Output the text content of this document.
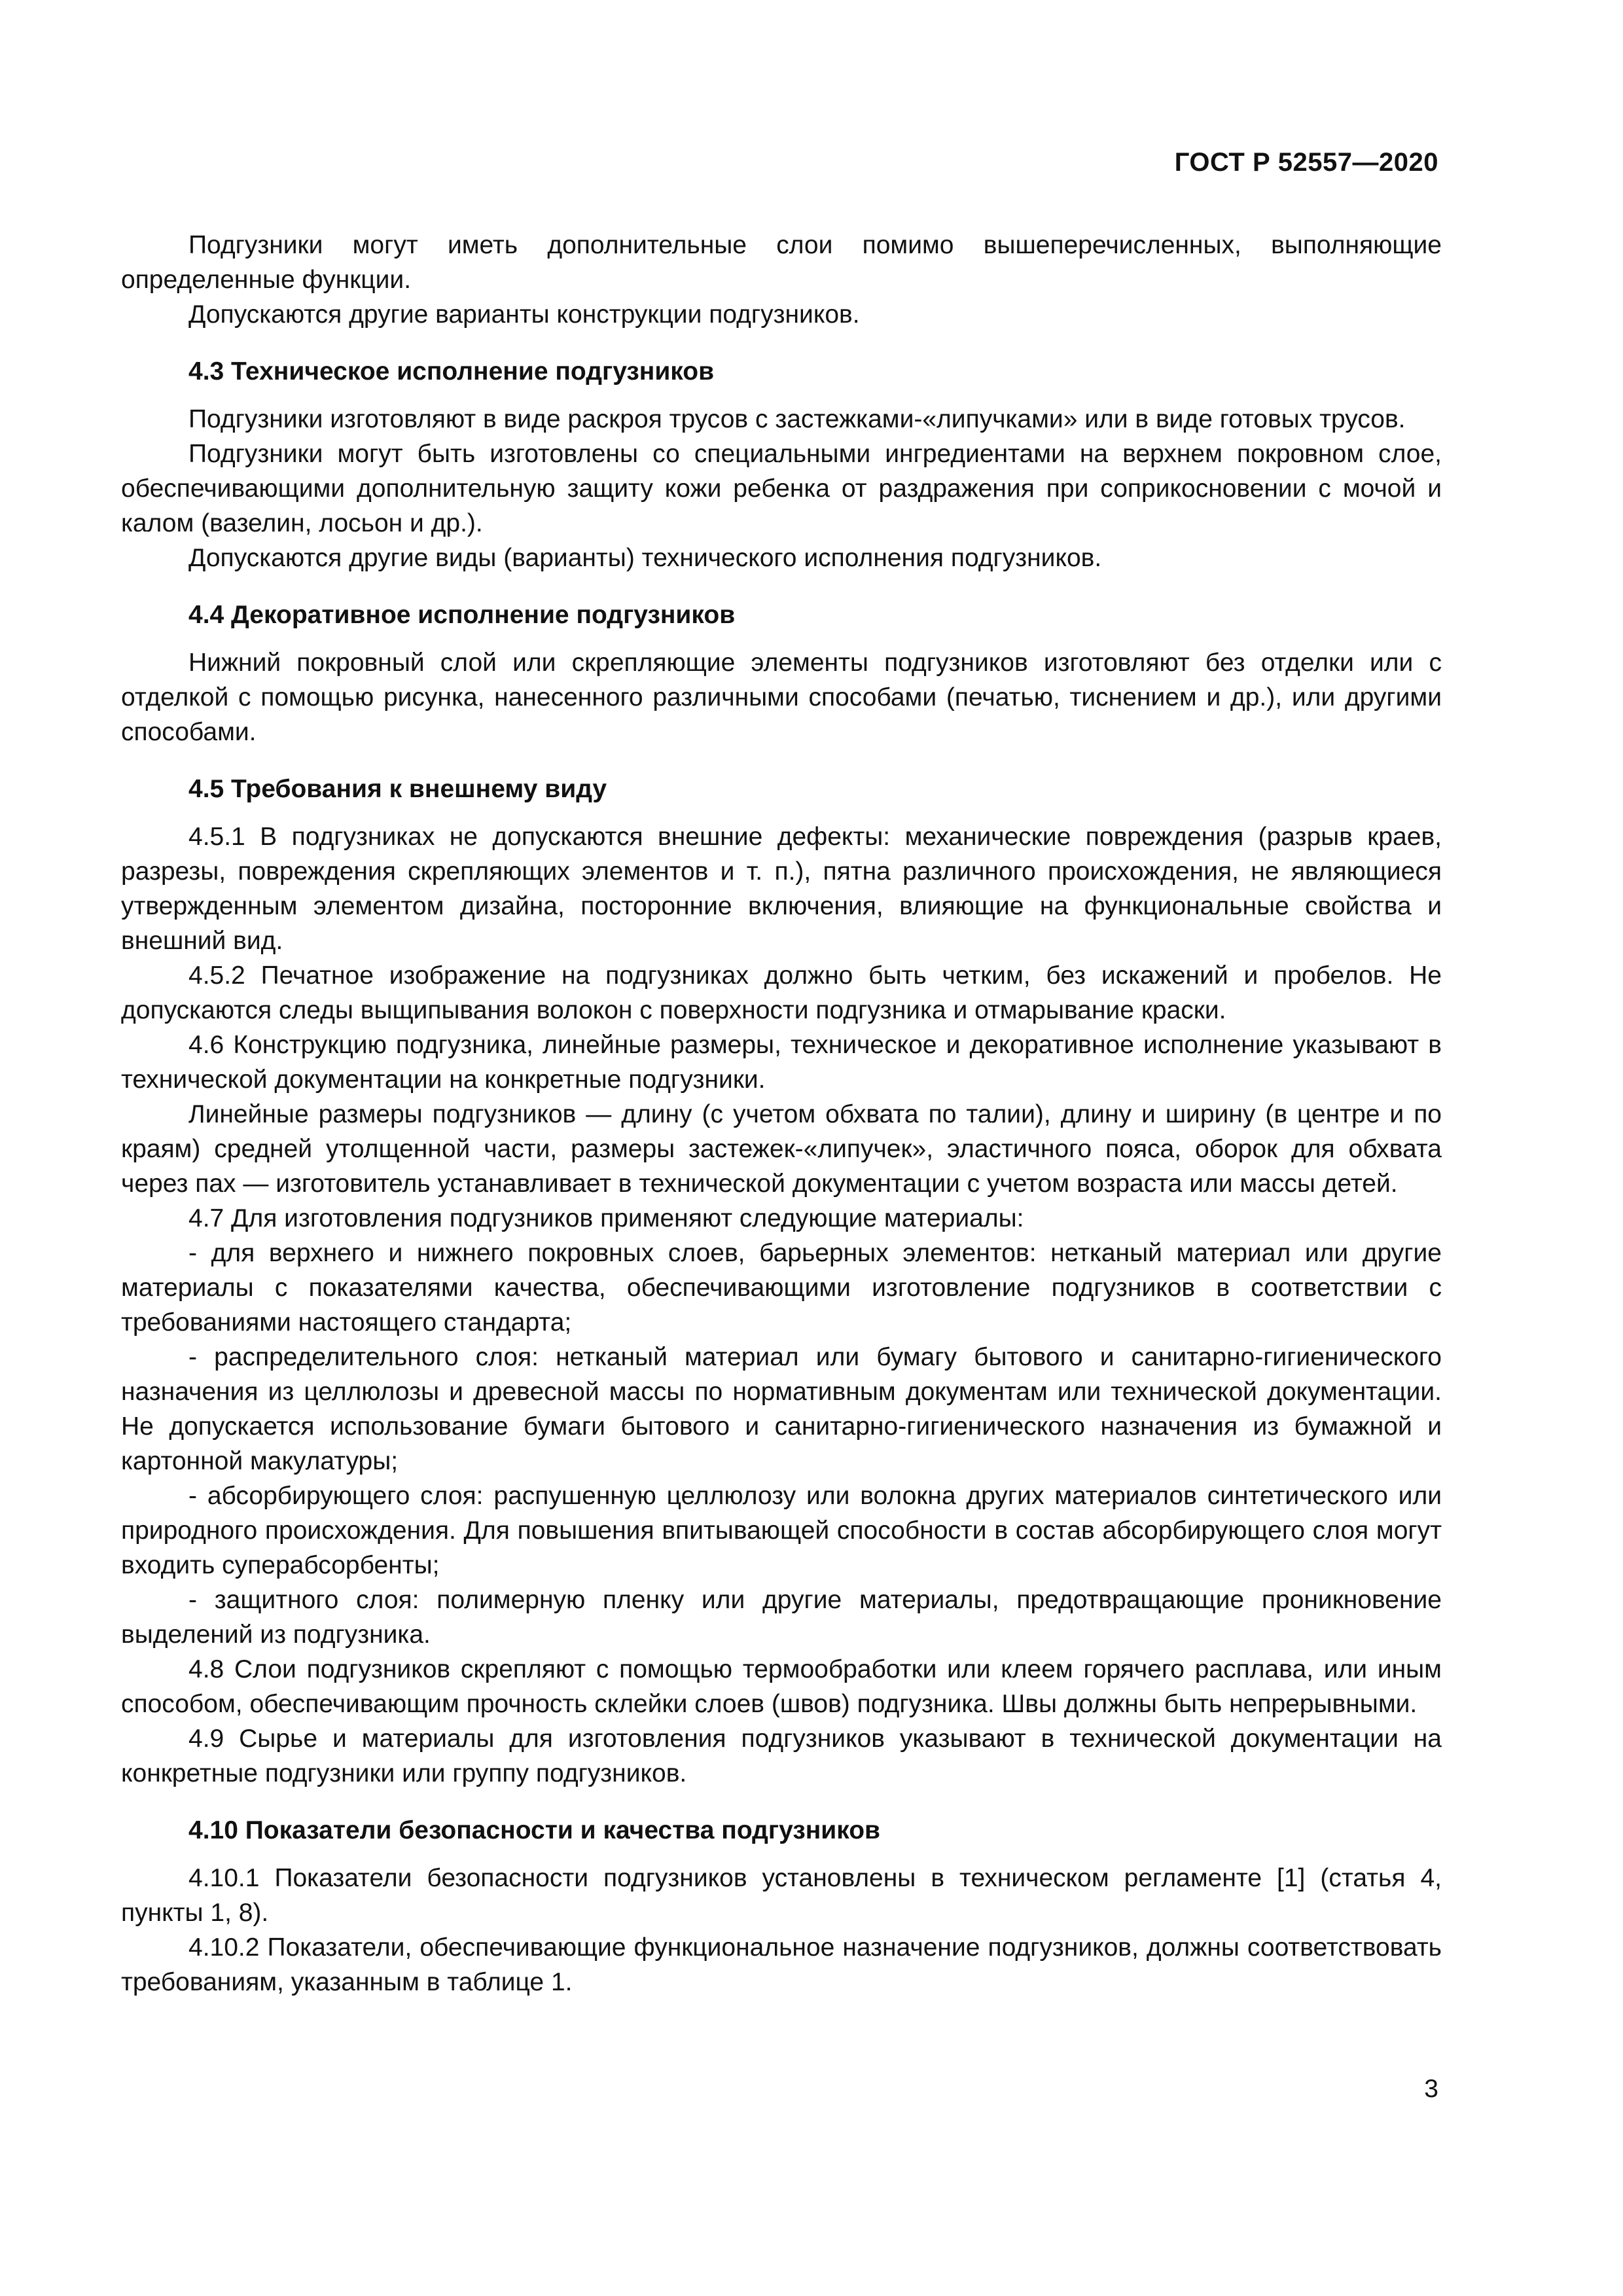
ГОСТ Р 52557—2020

Подгузники могут иметь дополнительные слои помимо вышеперечисленных, выполняющие определенные функции.

Допускаются другие варианты конструкции подгузников.

4.3 Техническое исполнение подгузников

Подгузники изготовляют в виде раскроя трусов с застежками-«липучками» или в виде готовых трусов.

Подгузники могут быть изготовлены со специальными ингредиентами на верхнем покровном слое, обеспечивающими дополнительную защиту кожи ребенка от раздражения при соприкосновении с мочой и калом (вазелин, лосьон и др.).

Допускаются другие виды (варианты) технического исполнения подгузников.

4.4 Декоративное исполнение подгузников

Нижний покровный слой или скрепляющие элементы подгузников изготовляют без отделки или с отделкой с помощью рисунка, нанесенного различными способами (печатью, тиснением и др.), или другими способами.

4.5 Требования к внешнему виду

4.5.1 В подгузниках не допускаются внешние дефекты: механические повреждения (разрыв краев, разрезы, повреждения скрепляющих элементов и т. п.), пятна различного происхождения, не являющиеся утвержденным элементом дизайна, посторонние включения, влияющие на функциональные свойства и внешний вид.

4.5.2 Печатное изображение на подгузниках должно быть четким, без искажений и пробелов. Не допускаются следы выщипывания волокон с поверхности подгузника и отмарывание краски.

4.6 Конструкцию подгузника, линейные размеры, техническое и декоративное исполнение указывают в технической документации на конкретные подгузники.

Линейные размеры подгузников — длину (с учетом обхвата по талии), длину и ширину (в центре и по краям) средней утолщенной части, размеры застежек-«липучек», эластичного пояса, оборок для обхвата через пах — изготовитель устанавливает в технической документации с учетом возраста или массы детей.

4.7 Для изготовления подгузников применяют следующие материалы:

- для верхнего и нижнего покровных слоев, барьерных элементов: нетканый материал или другие материалы с показателями качества, обеспечивающими изготовление подгузников в соответствии с требованиями настоящего стандарта;

- распределительного слоя: нетканый материал или бумагу бытового и санитарно-гигиенического назначения из целлюлозы и древесной массы по нормативным документам или технической документации. Не допускается использование бумаги бытового и санитарно-гигиенического назначения из бумажной и картонной макулатуры;

- абсорбирующего слоя: распушенную целлюлозу или волокна других материалов синтетического или природного происхождения. Для повышения впитывающей способности в состав абсорбирующего слоя могут входить суперабсорбенты;

- защитного слоя: полимерную пленку или другие материалы, предотвращающие проникновение выделений из подгузника.

4.8 Слои подгузников скрепляют с помощью термообработки или клеем горячего расплава, или иным способом, обеспечивающим прочность склейки слоев (швов) подгузника. Швы должны быть непрерывными.

4.9 Сырье и материалы для изготовления подгузников указывают в технической документации на конкретные подгузники или группу подгузников.

4.10 Показатели безопасности и качества подгузников

4.10.1 Показатели безопасности подгузников установлены в техническом регламенте [1] (статья 4, пункты 1, 8).

4.10.2 Показатели, обеспечивающие функциональное назначение подгузников, должны соответствовать требованиям, указанным в таблице 1.

3
